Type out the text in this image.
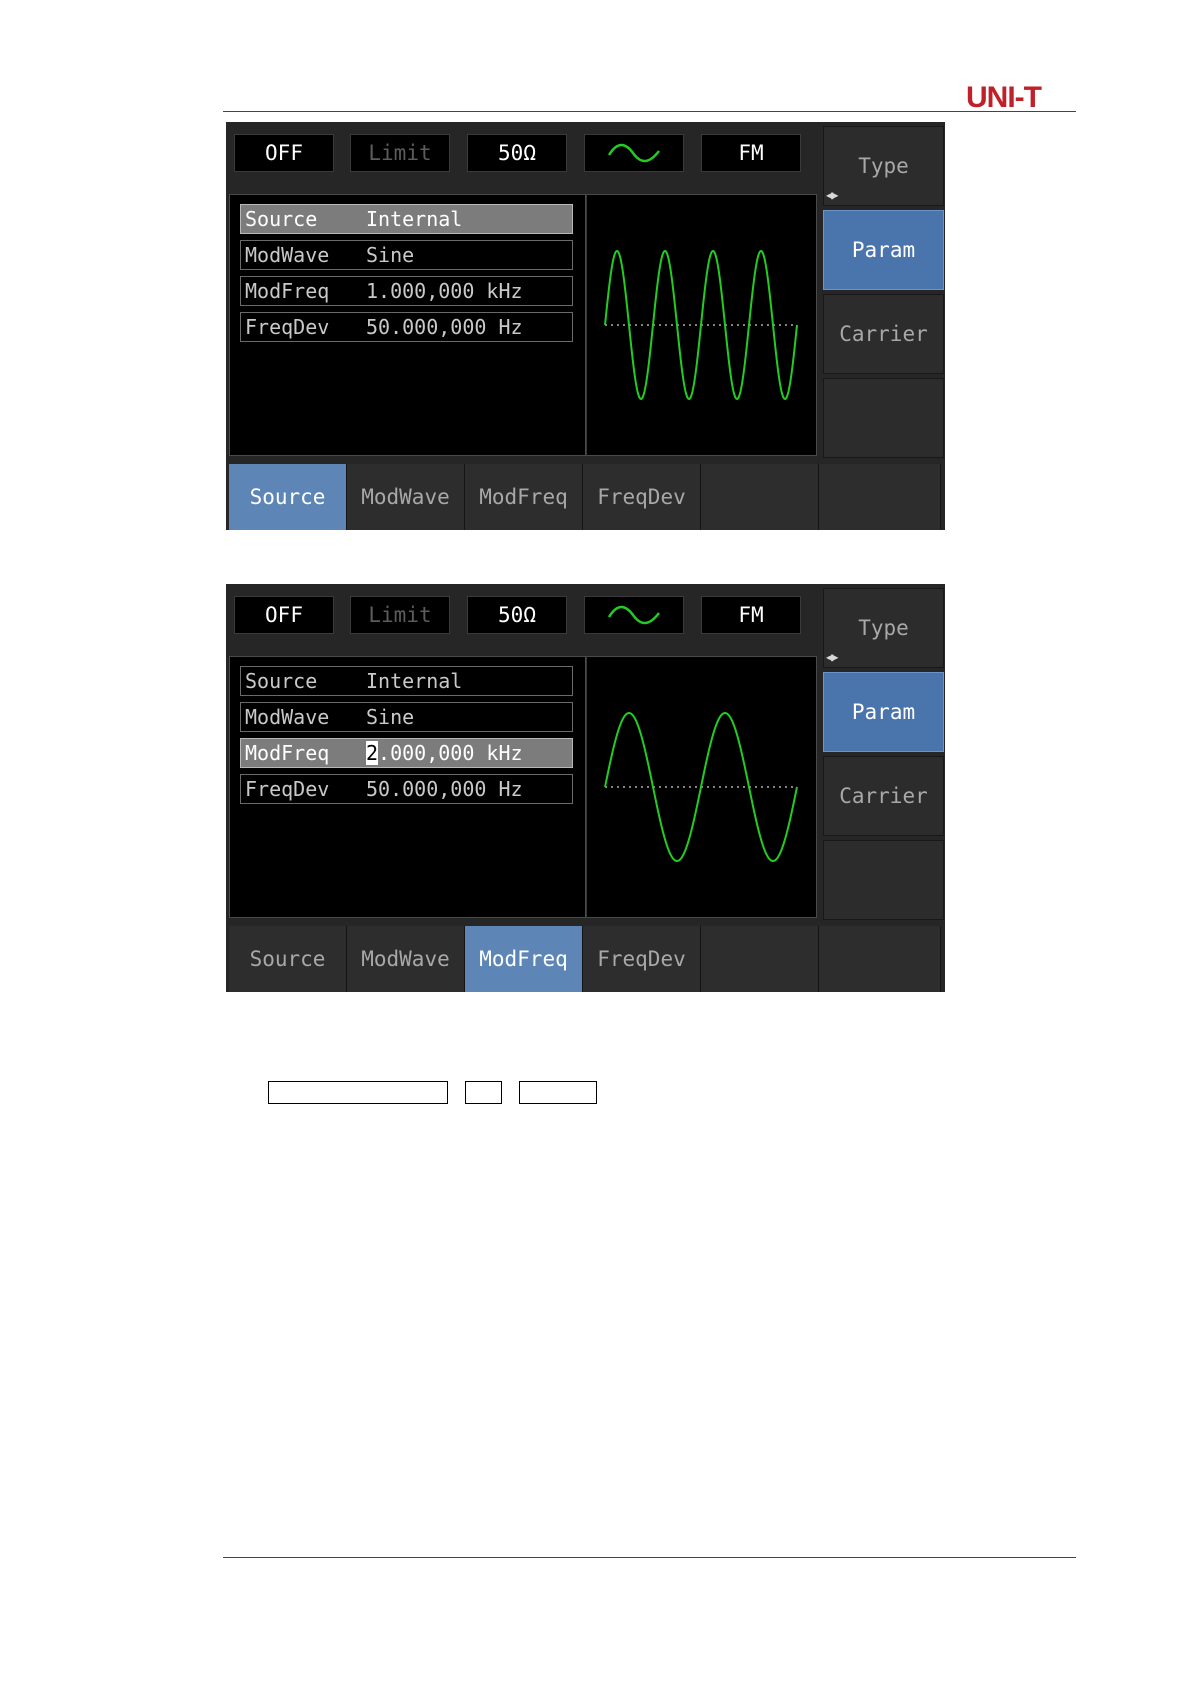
UNI-T
OFF	Limit	50Ω	FM
Source Internal
ModWave Sine
ModFreq 1.000,000 kHz
FreqDev 50.000,000 Hz
Type
◀▶
Param
Carrier
Source	ModWave	ModFreq	FreqDev
OFF	Limit	50Ω	FM
Source Internal
ModWave Sine
ModFreq 2.000,000 kHz
FreqDev 50.000,000 Hz
Type
◀▶
Param
Carrier
Source	ModWave	ModFreq	FreqDev
